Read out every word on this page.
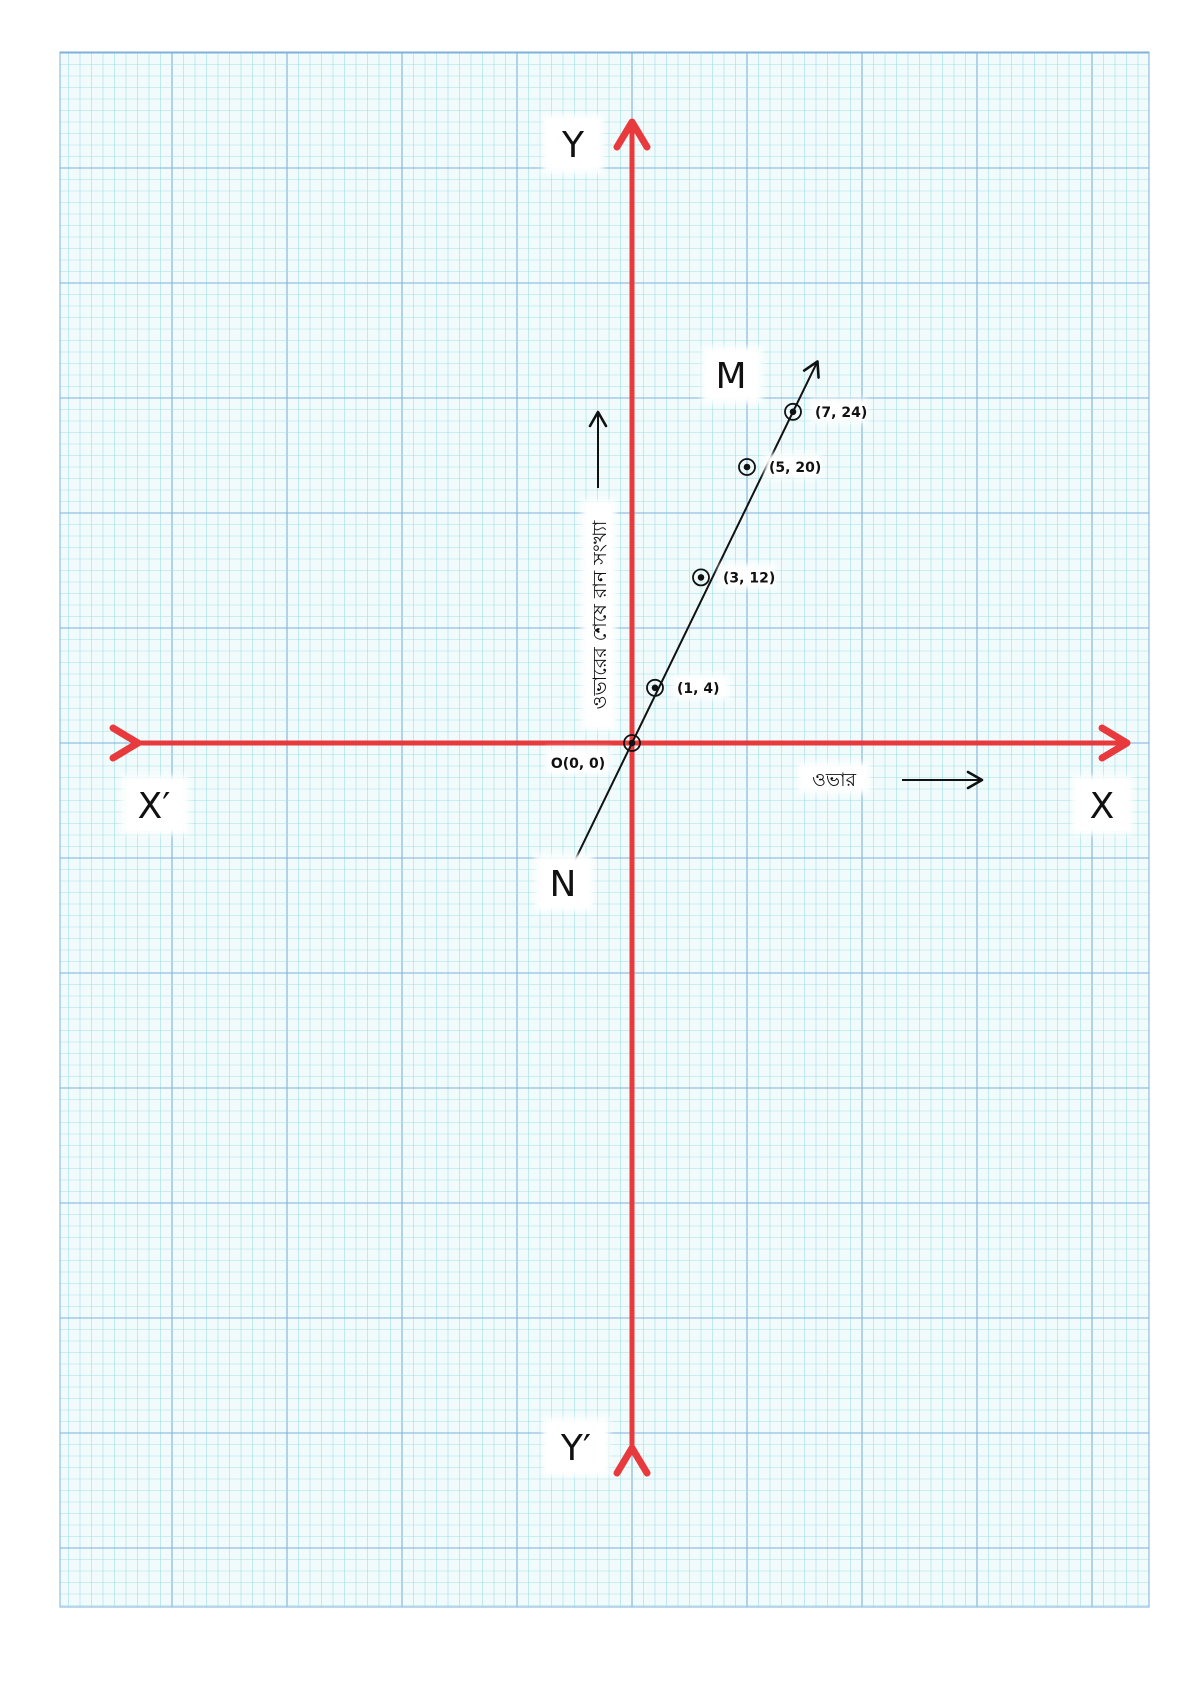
Y
Y′
X′	X
(1, 4)
(3, 12)
(5, 20)
(7, 24)
M
N
O(0, 0)
ওভার
ওভারের শেষে রান সংখ্যা
